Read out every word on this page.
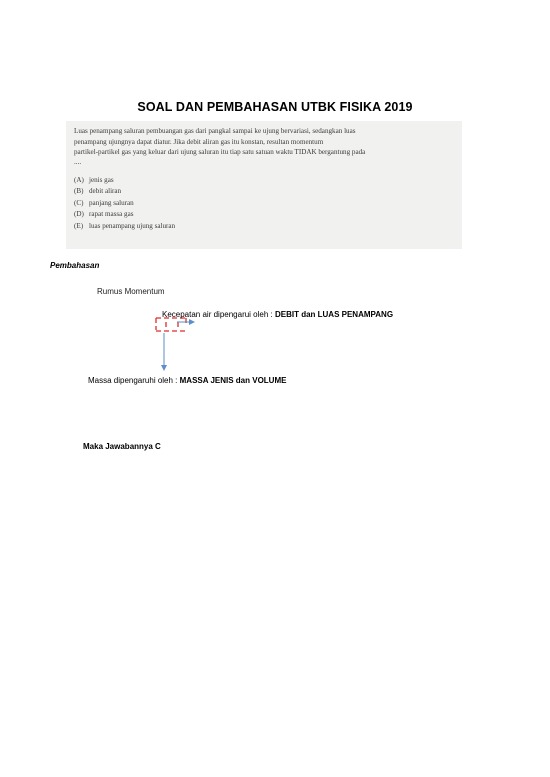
SOAL DAN PEMBAHASAN UTBK FISIKA 2019

Luas penampang saluran pembuangan gas dari pangkal sampai ke ujung bervariasi, sedangkan luas

penampang ujungnya dapat diatur. Jika debit aliran gas itu konstan, resultan momentum

partikel-partikel gas yang keluar dari ujung saluran itu tiap satu satuan waktu TIDAK bergantung pada

....
(A) jenis gas
(B) debit aliran
(C) panjang saluran
(D) rapat massa gas
(E) luas penampang ujung saluran
Pembahasan
Rumus Momentum
Kecepatan air dipengarui oleh : DEBIT dan LUAS PENAMPANG
Massa dipengaruhi oleh : MASSA JENIS dan VOLUME
Maka Jawabannya C
